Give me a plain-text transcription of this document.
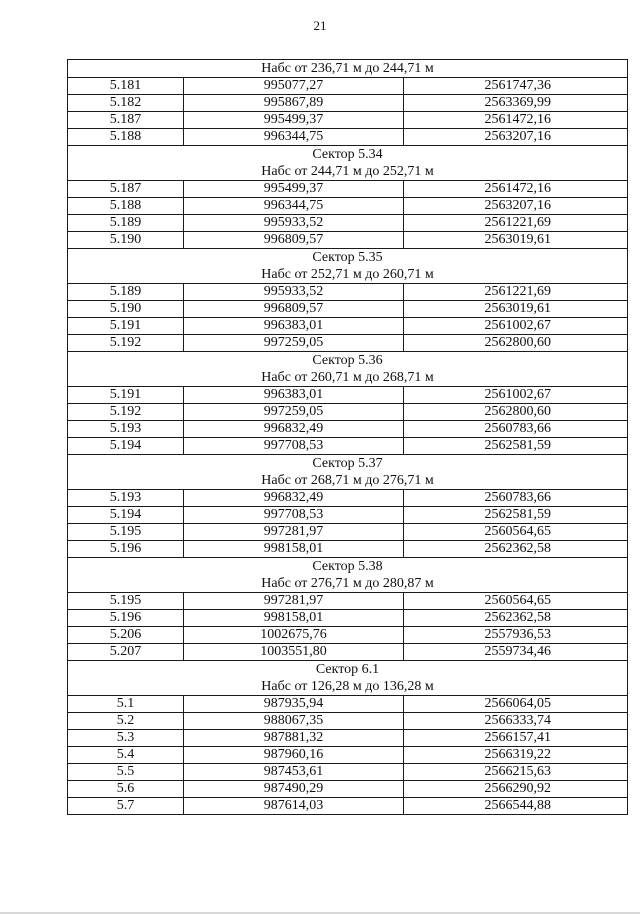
21
Набс от 236,71 м до 244,71 м		

5.181	995077,27	2561747,36
5.182	995867,89	2563369,99
5.187	995499,37	2561472,16
5.188	996344,75	2563207,16

Сектор 5.34
Набс от 244,71 м до 252,71 м		

5.187	995499,37	2561472,16
5.188	996344,75	2563207,16
5.189	995933,52	2561221,69
5.190	996809,57	2563019,61

Сектор 5.35
Набс от 252,71 м до 260,71 м		

5.189	995933,52	2561221,69
5.190	996809,57	2563019,61
5.191	996383,01	2561002,67
5.192	997259,05	2562800,60

Сектор 5.36
Набс от 260,71 м до 268,71 м		

5.191	996383,01	2561002,67
5.192	997259,05	2562800,60
5.193	996832,49	2560783,66
5.194	997708,53	2562581,59

Сектор 5.37
Набс от 268,71 м до 276,71 м		

5.193	996832,49	2560783,66
5.194	997708,53	2562581,59
5.195	997281,97	2560564,65
5.196	998158,01	2562362,58

Сектор 5.38
Набс от 276,71 м до 280,87 м		

5.195	997281,97	2560564,65
5.196	998158,01	2562362,58
5.206	1002675,76	2557936,53
5.207	1003551,80	2559734,46

Сектор 6.1
Набс от 126,28 м до 136,28 м		

5.1	987935,94	2566064,05
5.2	988067,35	2566333,74
5.3	987881,32	2566157,41
5.4	987960,16	2566319,22
5.5	987453,61	2566215,63
5.6	987490,29	2566290,92
5.7	987614,03	2566544,88
